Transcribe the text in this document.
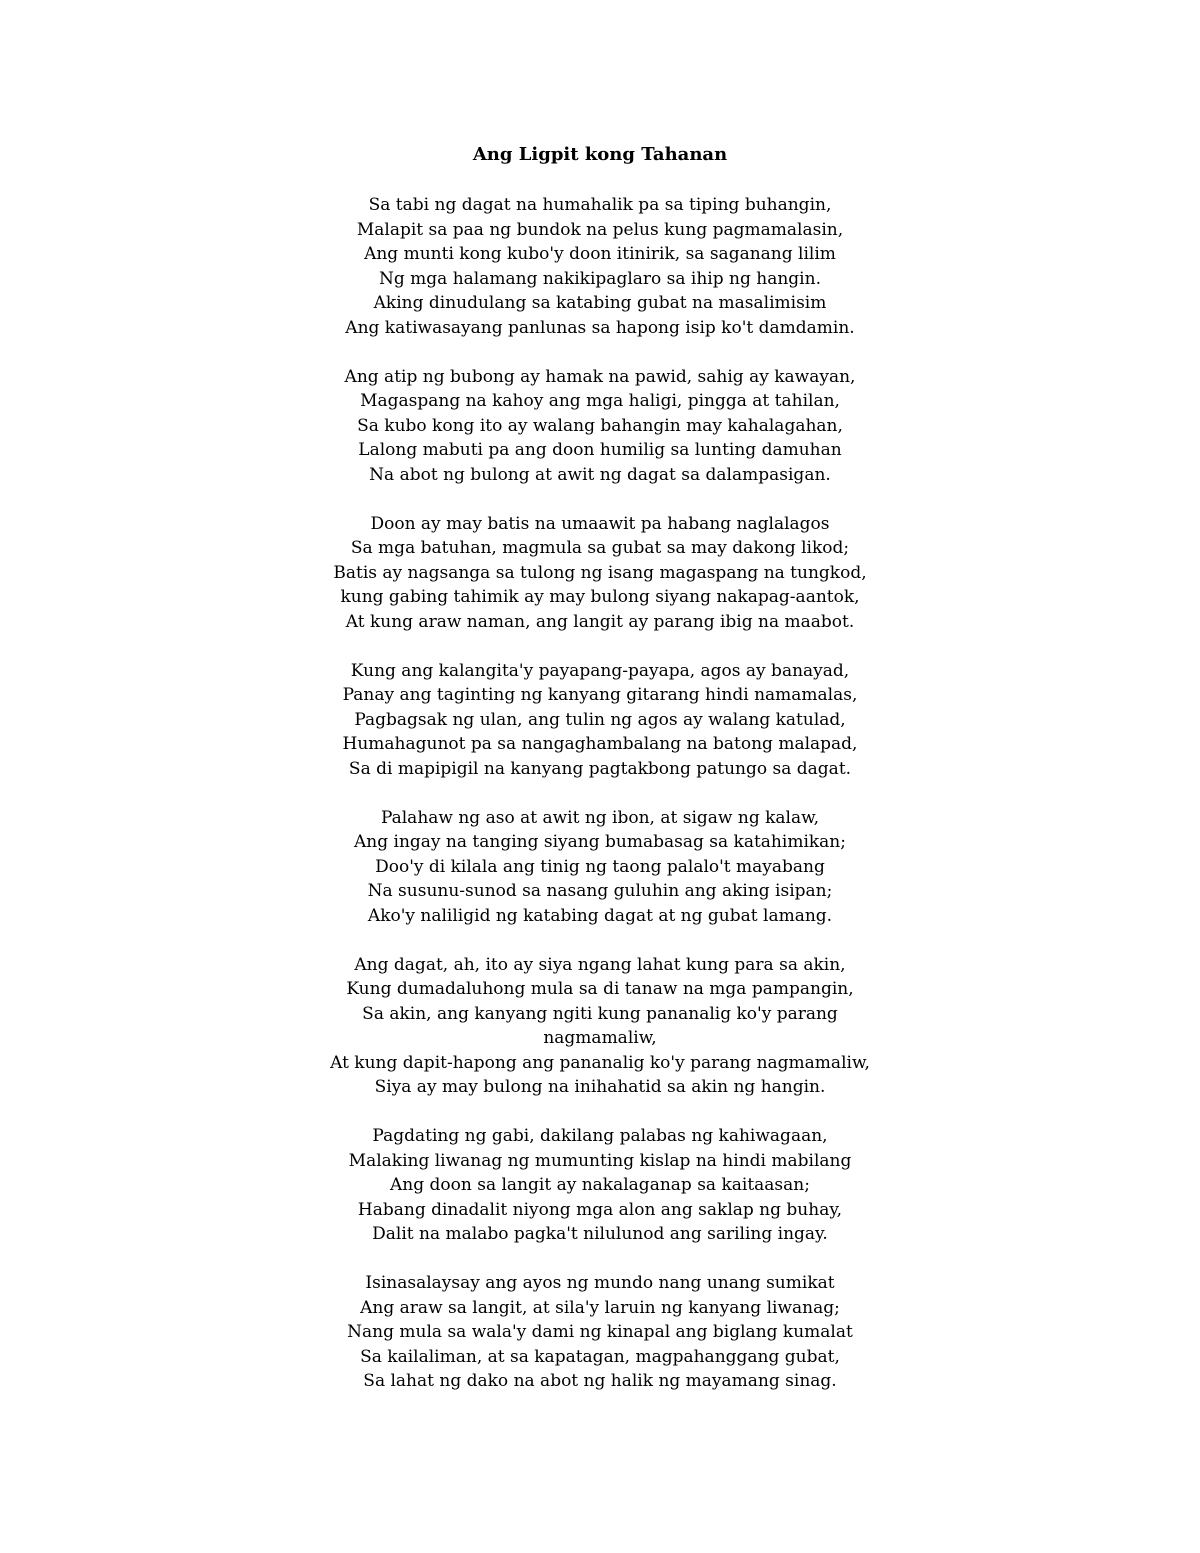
Ang Ligpit kong Tahanan
Sa tabi ng dagat na humahalik pa sa tiping buhangin,
Malapit sa paa ng bundok na pelus kung pagmamalasin,
Ang munti kong kubo'y doon itinirik, sa saganang lilim
Ng mga halamang nakikipaglaro sa ihip ng hangin.
Aking dinudulang sa katabing gubat na masalimisim
Ang katiwasayang panlunas sa hapong isip ko't damdamin.
Ang atip ng bubong ay hamak na pawid, sahig ay kawayan,
Magaspang na kahoy ang mga haligi, pingga at tahilan,
Sa kubo kong ito ay walang bahangin may kahalagahan,
Lalong mabuti pa ang doon humilig sa lunting damuhan
Na abot ng bulong at awit ng dagat sa dalampasigan.
Doon ay may batis na umaawit pa habang naglalagos
Sa mga batuhan, magmula sa gubat sa may dakong likod;
Batis ay nagsanga sa tulong ng isang magaspang na tungkod,
kung gabing tahimik ay may bulong siyang nakapag-aantok,
At kung araw naman, ang langit ay parang ibig na maabot.
Kung ang kalangita'y payapang-payapa, agos ay banayad,
Panay ang taginting ng kanyang gitarang hindi namamalas,
Pagbagsak ng ulan, ang tulin ng agos ay walang katulad,
Humahagunot pa sa nangaghambalang na batong malapad,
Sa di mapipigil na kanyang pagtakbong patungo sa dagat.
Palahaw ng aso at awit ng ibon, at sigaw ng kalaw,
Ang ingay na tanging siyang bumabasag sa katahimikan;
Doo'y di kilala ang tinig ng taong palalo't mayabang
Na susunu-sunod sa nasang guluhin ang aking isipan;
Ako'y naliligid ng katabing dagat at ng gubat lamang.
Ang dagat, ah, ito ay siya ngang lahat kung para sa akin,
Kung dumadaluhong mula sa di tanaw na mga pampangin,
Sa akin, ang kanyang ngiti kung pananalig ko'y parang
nagmamaliw,
At kung dapit-hapong ang pananalig ko'y parang nagmamaliw,
Siya ay may bulong na inihahatid sa akin ng hangin.
Pagdating ng gabi, dakilang palabas ng kahiwagaan,
Malaking liwanag ng mumunting kislap na hindi mabilang
Ang doon sa langit ay nakalaganap sa kaitaasan;
Habang dinadalit niyong mga alon ang saklap ng buhay,
Dalit na malabo pagka't nilulunod ang sariling ingay.
Isinasalaysay ang ayos ng mundo nang unang sumikat
Ang araw sa langit, at sila'y laruin ng kanyang liwanag;
Nang mula sa wala'y dami ng kinapal ang biglang kumalat
Sa kailaliman, at sa kapatagan, magpahanggang gubat,
Sa lahat ng dako na abot ng halik ng mayamang sinag.
